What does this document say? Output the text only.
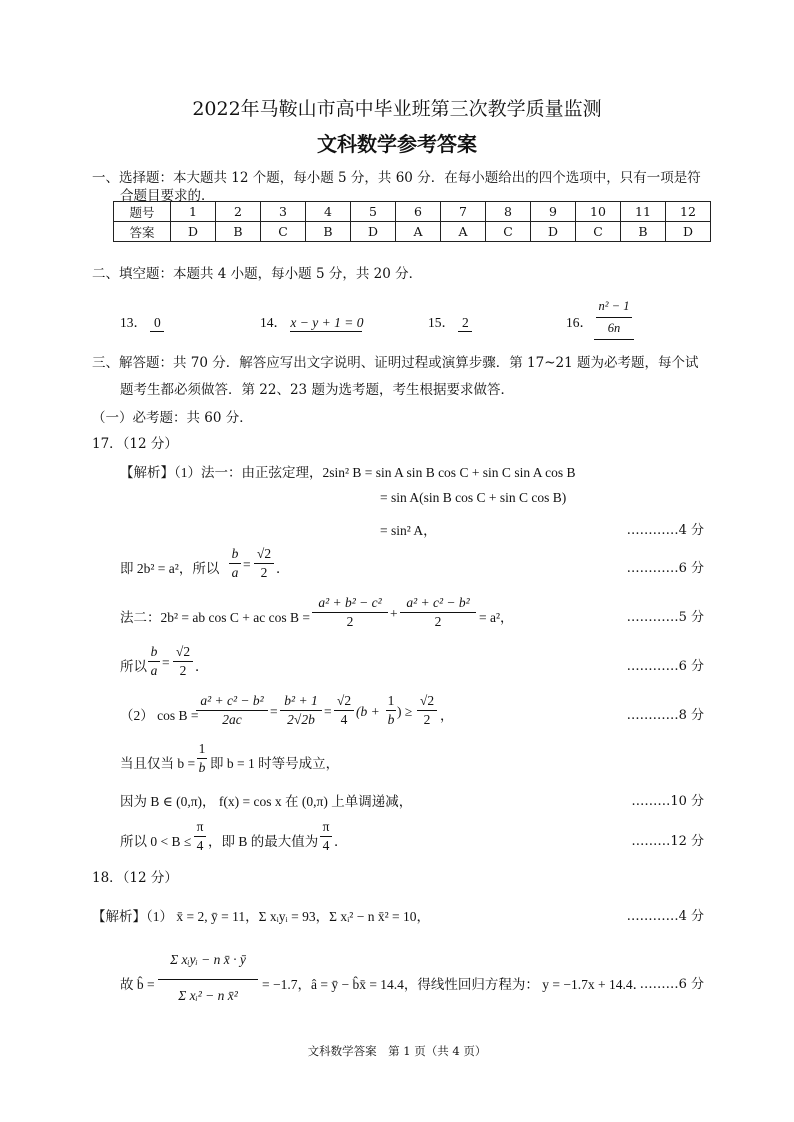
2022年马鞍山市高中毕业班第三次教学质量监测
文科数学参考答案
一、选择题：本大题共 12 个题，每小题 5 分，共 60 分．在每小题给出的四个选项中，只有一项是符
合题目要求的．
题号	1	2	3	4	5	6	7	8	9	10	11	12
答案	D	B	C	B	D	A	A	C	D	C	B	D
二、填空题：本题共 4 小题，每小题 5 分，共 20 分．
13． 0	14． x − y + 1 = 0	15． 2	16．
n² − 1
6n
三、解答题：共 70 分．解答应写出文字说明、证明过程或演算步骤．第 17~21 题为必考题，每个试
题考生都必须做答．第 22、23 题为选考题，考生根据要求做答．
（一）必考题：共 60 分．
17．（12 分）
【解析】（1）法一：由正弦定理，2sin² B = sin A sin B cos C + sin C sin A cos B
= sin A(sin B cos C + sin C cos B)
= sin² A，	…………4 分
即 2b² = a²，所以
b
a
=
√2
2 ．	…………6 分
法二：2b² = ab cos C + ac cos B =
a² + b² − c²
2
+
a² + c² − b²
2	= a²，	…………5 分
所以
b
a
=
√2
2 ．	…………6 分
（2） cos B =
a² + c² − b²
2ac
=
b² + 1
2√2b
=
√2
4
(b +
1
b
) ≥
√2
2 ，	…………8 分
当且仅当 b =
1
b 即 b = 1 时等号成立，
因为 B ∈ (0,π)， f(x) = cos x 在 (0,π) 上单调递减，	………10 分
所以 0 < B ≤
π
4 ，即 B 的最大值为
π
4 ．	………12 分
18．（12 分）
【解析】（1） x̄ = 2, ȳ = 11，Σ xᵢyᵢ = 93，Σ xᵢ² − n x̄² = 10，	…………4 分
故 b̂ =
Σ xᵢyᵢ − n x̄ · ȳ
Σ xᵢ² − n x̄²
= −1.7，â = ȳ − b̂x̄ = 14.4，得线性回归方程为： y = −1.7x + 14.4．
………6 分
文科数学答案　第 1 页（共 4 页）
